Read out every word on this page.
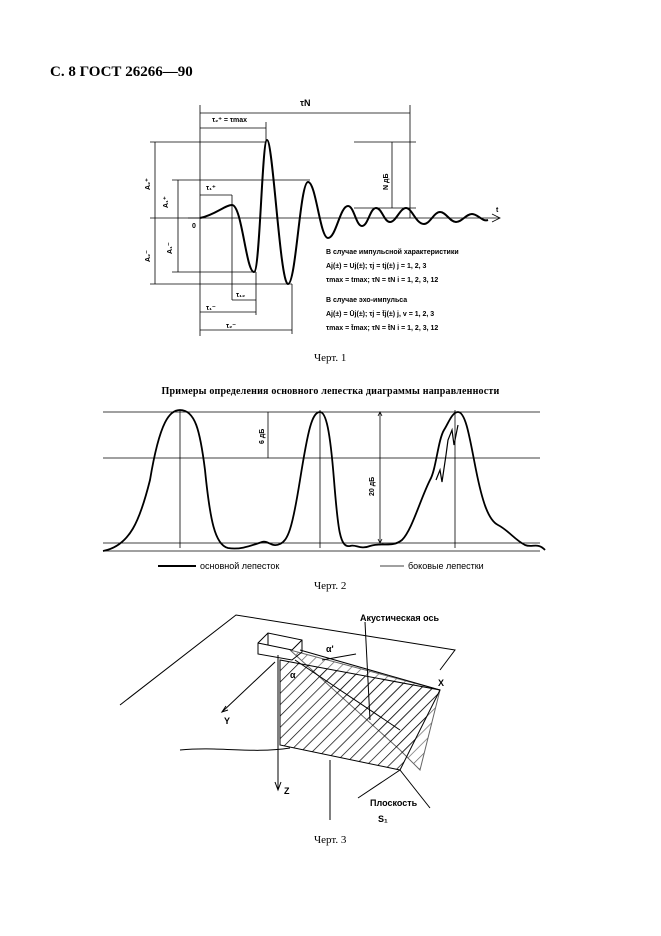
С. 8 ГОСТ 26266—90
τN
τ₂⁺ = τmax
τ₁⁺
τ₁₂
τ₁⁻
τ₂⁻
A₂⁺
A₁⁺
A₁⁻
A₂⁻
N дБ
0
t
В случае импульсной характеристики
Aj(±) = Uj(±); τj = tj(±) j = 1, 2, 3
τmax = tmax; τN = tN i = 1, 2, 3, 12
В случае эхо-импульса
Aj(±) = Ūj(±); τj = t̄j(±) j, v = 1, 2, 3
τmax = t̄max; τN = t̄N i = 1, 2, 3, 12
Черт. 1
Примеры определения основного лепестка диаграммы направленности
6 дБ
20 дБ
основной лепесток	боковые лепестки
Черт. 2
Акустическая ось
α'
α
X
Y
Z
Плоскость
S₁
Черт. 3
